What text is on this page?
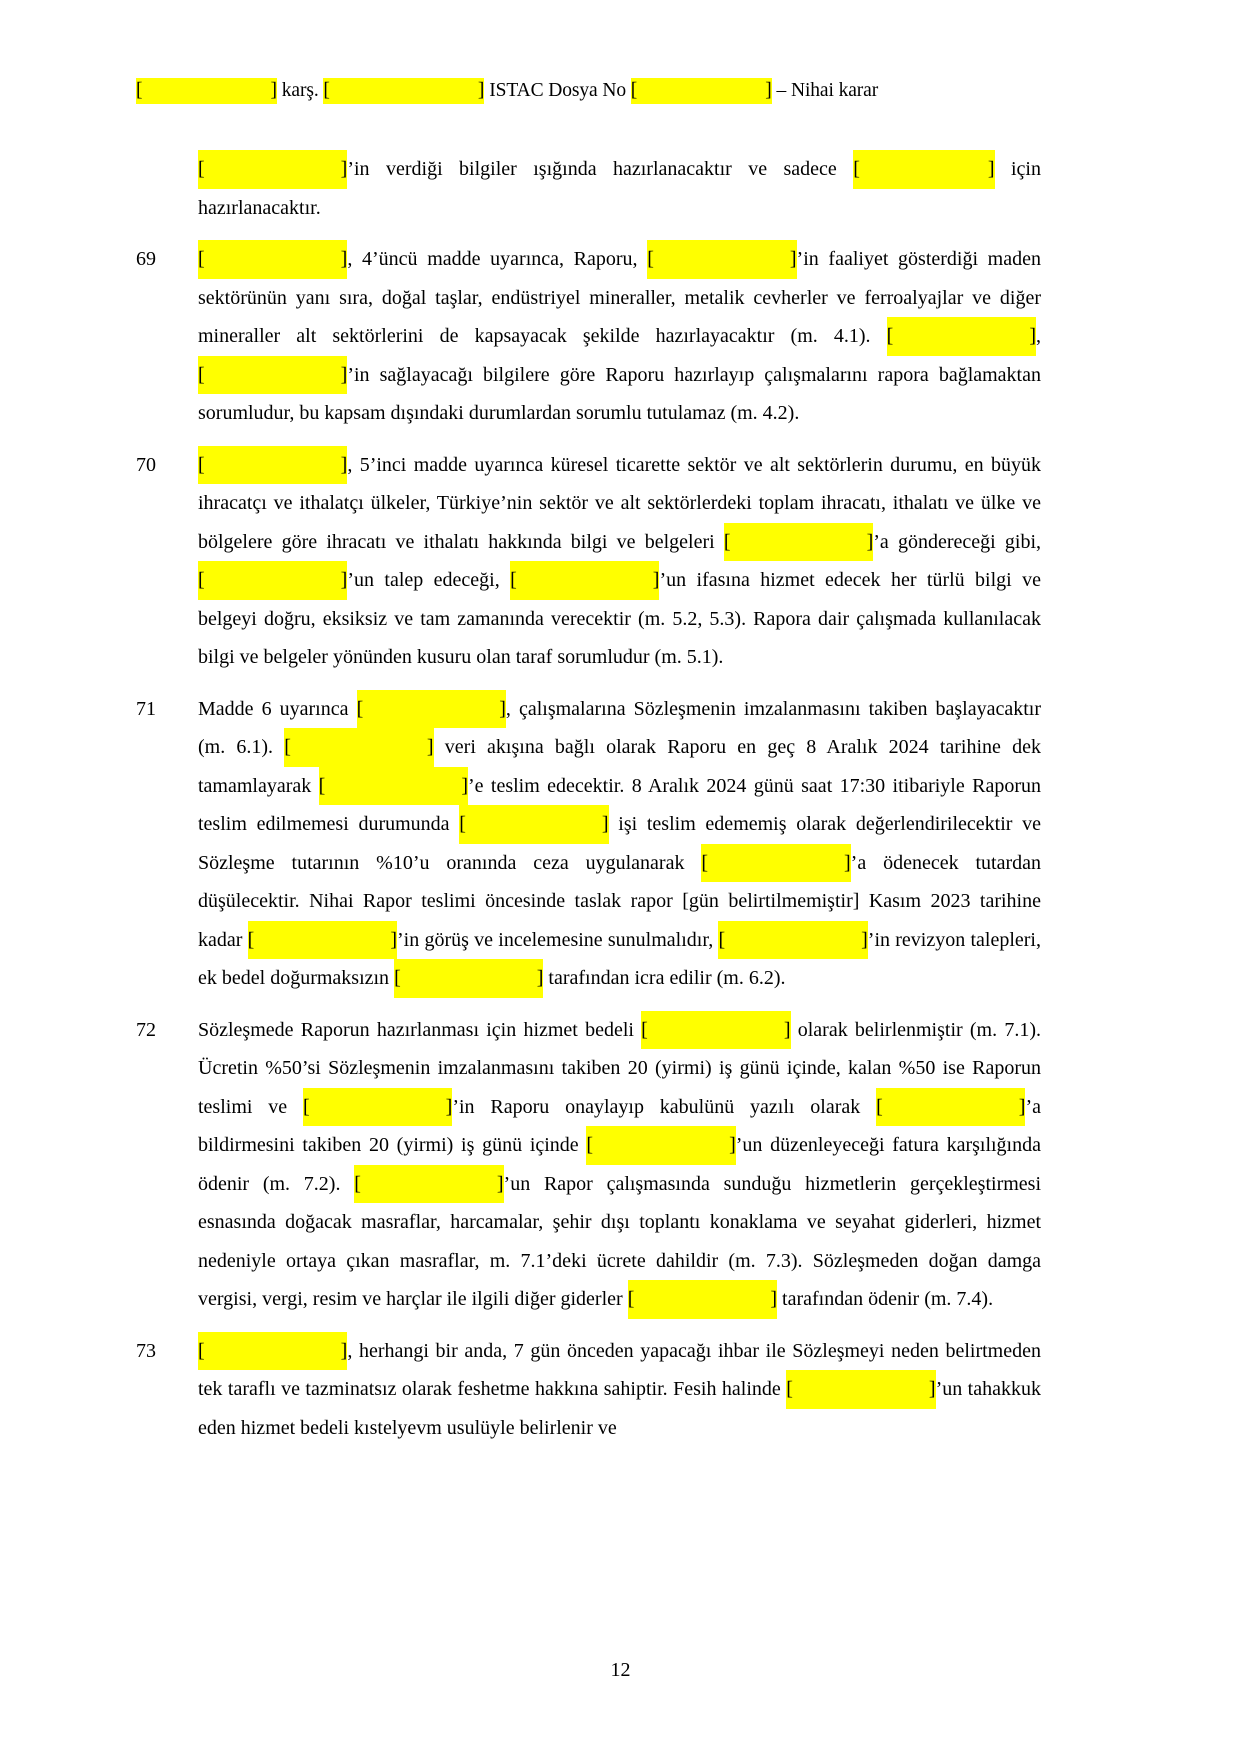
[	] karş. [	] ISTAC Dosya No [	] – Nihai karar
[	]’in verdiği bilgiler ışığında hazırlanacaktır ve sadece [	] için hazırlanacaktır.
69	[	], 4’üncü madde uyarınca, Raporu, [	]’in faaliyet gösterdiği maden sektörünün yanı sıra, doğal taşlar, endüstriyel mineraller, metalik cevherler ve ferroalyajlar ve diğer mineraller alt sektörlerini de kapsayacak şekilde hazırlayacaktır (m. 4.1). [	], [	]’in sağlayacağı bilgilere göre Raporu hazırlayıp çalışmalarını rapora bağlamaktan sorumludur, bu kapsam dışındaki durumlardan sorumlu tutulamaz (m. 4.2).
70	[	], 5’inci madde uyarınca küresel ticarette sektör ve alt sektörlerin durumu, en büyük ihracatçı ve ithalatçı ülkeler, Türkiye’nin sektör ve alt sektörlerdeki toplam ihracatı, ithalatı ve ülke ve bölgelere göre ihracatı ve ithalatı hakkında bilgi ve belgeleri [	]’a göndereceği gibi, [	]’un talep edeceği, [	]’un ifasına hizmet edecek her türlü bilgi ve belgeyi doğru, eksiksiz ve tam zamanında verecektir (m. 5.2, 5.3). Rapora dair çalışmada kullanılacak bilgi ve belgeler yönünden kusuru olan taraf sorumludur (m. 5.1).
71	Madde 6 uyarınca [	], çalışmalarına Sözleşmenin imzalanmasını takiben başlayacaktır (m. 6.1). [	] veri akışına bağlı olarak Raporu en geç 8 Aralık 2024 tarihine dek tamamlayarak [	]’e teslim edecektir. 8 Aralık 2024 günü saat 17:30 itibariyle Raporun teslim edilmemesi durumunda [	] işi teslim edememiş olarak değerlendirilecektir ve Sözleşme tutarının %10’u oranında ceza uygulanarak [	]’a ödenecek tutardan düşülecektir. Nihai Rapor teslimi öncesinde taslak rapor [gün belirtilmemiştir] Kasım 2023 tarihine kadar [	]’in görüş ve incelemesine sunulmalıdır, [	]’in revizyon talepleri, ek bedel doğurmaksızın [	] tarafından icra edilir (m. 6.2).
72	Sözleşmede Raporun hazırlanması için hizmet bedeli [	] olarak belirlenmiştir (m. 7.1). Ücretin %50’si Sözleşmenin imzalanmasını takiben 20 (yirmi) iş günü içinde, kalan %50 ise Raporun teslimi ve [	]’in Raporu onaylayıp kabulünü yazılı olarak [	]’a bildirmesini takiben 20 (yirmi) iş günü içinde [	]’un düzenleyeceği fatura karşılığında ödenir (m. 7.2). [	]’un Rapor çalışmasında sunduğu hizmetlerin gerçekleştirmesi esnasında doğacak masraflar, harcamalar, şehir dışı toplantı konaklama ve seyahat giderleri, hizmet nedeniyle ortaya çıkan masraflar, m. 7.1’deki ücrete dahildir (m. 7.3). Sözleşmeden doğan damga vergisi, vergi, resim ve harçlar ile ilgili diğer giderler [	] tarafından ödenir (m. 7.4).
73	[	], herhangi bir anda, 7 gün önceden yapacağı ihbar ile Sözleşmeyi neden belirtmeden tek taraflı ve tazminatsız olarak feshetme hakkına sahiptir. Fesih halinde [	]’un tahakkuk eden hizmet bedeli kıstelyevm usulüyle belirlenir ve
12
